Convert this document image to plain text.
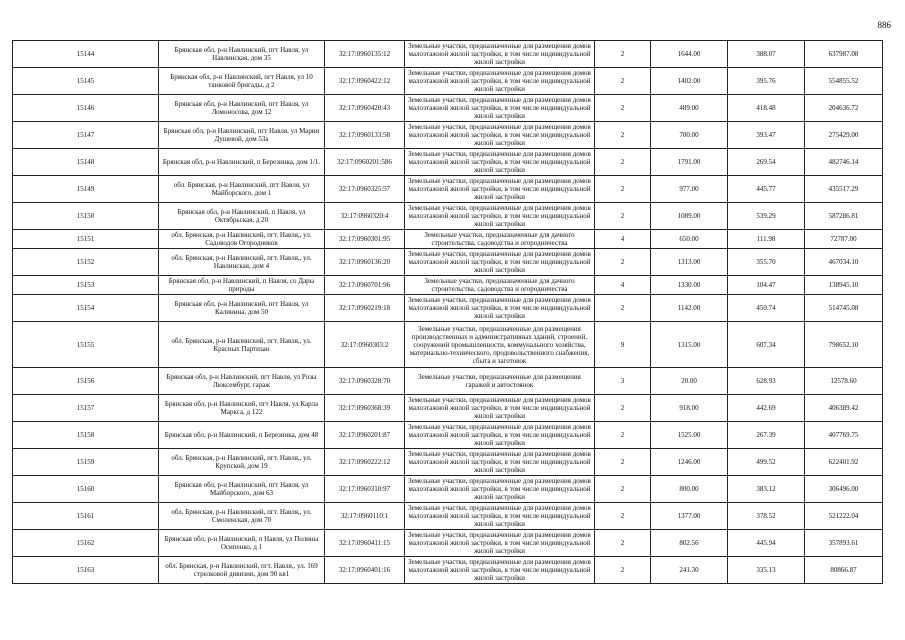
886
15144	Брянская обл, р-н Навлинский, пгт Навля, ул Навлинская, дом 35	32:17:0960135:12	Земельные участки, предназначенные для размещения домов малоэтажной жилой застройки, в том числе индивидуальной жилой застройки	2	1644.00	388.07	637987.08
15145	Брянская обл, р-н Навлинский, пгт Навля, ул 10 танковой бригады, д 2	32:17:0960422:12	Земельные участки, предназначенные для размещения домов малоэтажной жилой застройки, в том числе индивидуальной жилой застройки	2	1402.00	395.76	554855.52
15146	Брянская обл, р-н Навлинский, пгт Навля, ул Ломоносова, дом 12	32:17:0960420:43	Земельные участки, предназначенные для размещения домов малоэтажной жилой застройки, в том числе индивидуальной жилой застройки	2	489.00	418.48	204636.72
15147	Брянская обл, р-н Навлинский, пгт Навля, ул Марии Душевой, дом 53а	32:17:0960133:58	Земельные участки, предназначенные для размещения домов малоэтажной жилой застройки, в том числе индивидуальной жилой застройки	2	700.00	393.47	275429.00
15148	Брянская обл, р-н Навлинский, п Березинка, дом 1/1.	32:17:0960201:586	Земельные участки, предназначенные для размещения домов малоэтажной жилой застройки, в том числе индивидуальной жилой застройки	2	1791.00	269.54	482746.14
15149	обл. Брянская, р-н Навлинский, пгт Навля, ул Майборского, дом 1	32:17:0960325:57	Земельные участки, предназначенные для размещения домов малоэтажной жилой застройки, в том числе индивидуальной жилой застройки	2	977.00	445.77	435517.29
15150	Брянская обл, р-н Навлинский, п Навля, ул Октябрьская, д 20	32:17:0960320:4	Земельные участки, предназначенные для размещения домов малоэтажной жилой застройки, в том числе индивидуальной жилой застройки	2	1089.00	539.29	587286.81
15151	обл. Брянская, р-н Навлинский, пгт. Навля,, ул. Садоводов Огородников	32:17:0960301:95	Земельные участки, предназначенные для дачного строительства, садоводства и огородничества	4	650.00	111.98	72787.00
15152	обл. Брянская, р-н Навлинский, пгт. Навля,, ул. Навлинская, дом 4	32:17:0960136:20	Земельные участки, предназначенные для размещения домов малоэтажной жилой застройки, в том числе индивидуальной жилой застройки	2	1313.00	355.70	467034.10
15153	Брянская обл, р-н Навлинский, п Навля, со Дары природы	32:17:0960701:96	Земельные участки, предназначенные для дачного строительства, садоводства и огородничества	4	1330.00	104.47	138945.10
15154	Брянская обл, р-н Навлинский, пгт Навля, ул Калинина, дом 50	32:17:0960219:18	Земельные участки, предназначенные для размещения домов малоэтажной жилой застройки, в том числе индивидуальной жилой застройки	2	1142.00	450.74	514745.08
15155	обл. Брянская, р-н Навлинский, пгт. Навля,, ул. Красных Партизан	32:17:0960303:2	Земельные участки, предназначенные для размещения производственных и административных зданий, строений, сооружений промышленности, коммунального хозяйства, материально-технического, продовольственного снабжения, сбыта и заготовок	9	1315.00	607.34	798652.10
15156	Брянская обл, р-н Навлинский, пгт Навля, ул Розы Люксембург, гараж	32:17:0960328:70	Земельные участки, предназначенные для размещения гаражей и автостоянок	3	20.00	628.93	12578.60
15157	Брянская обл, р-н Навлинский, пгт Навля, ул Карла Маркса, д 122	32:17:0960368:39	Земельные участки, предназначенные для размещения домов малоэтажной жилой застройки, в том числе индивидуальной жилой застройки	2	918.00	442.69	406389.42
15158	Брянская обл, р-н Навлинский, п Березинка, дом 48	32:17:0960201:87	Земельные участки, предназначенные для размещения домов малоэтажной жилой застройки, в том числе индивидуальной жилой застройки	2	1525.00	267.39	407769.75
15159	обл. Брянская, р-н Навлинский, пгт. Навля,, ул. Крупской, дом 19	32:17:0960222:12	Земельные участки, предназначенные для размещения домов малоэтажной жилой застройки, в том числе индивидуальной жилой застройки	2	1246.00	499.52	622401.92
15160	Брянская обл, р-н Навлинский, пгт Навля, ул Майборского, дом 63	32:17:0960310:97	Земельные участки, предназначенные для размещения домов малоэтажной жилой застройки, в том числе индивидуальной жилой застройки	2	800.00	383.12	306496.00
15161	обл. Брянская, р-н Навлинский, пгт. Навля,, ул. Смоленская, дом 70	32:17:0960110:1	Земельные участки, предназначенные для размещения домов малоэтажной жилой застройки, в том числе индивидуальной жилой застройки	2	1377.00	378.52	521222.04
15162	Брянская обл, р-н Навлинский, п Навля, ул Полины Осипенко, д 1	32:17:0960411:15	Земельные участки, предназначенные для размещения домов малоэтажной жилой застройки, в том числе индивидуальной жилой застройки	2	802.56	445.94	357893.61
15163	обл. Брянская, р-н Навлинский, пгт. Навля,, ул. 169 стрелковой дивизии, дом 90 кв1	32:17:0960401:16	Земельные участки, предназначенные для размещения домов малоэтажной жилой застройки, в том числе индивидуальной жилой застройки	2	241.30	335.13	80866.87
